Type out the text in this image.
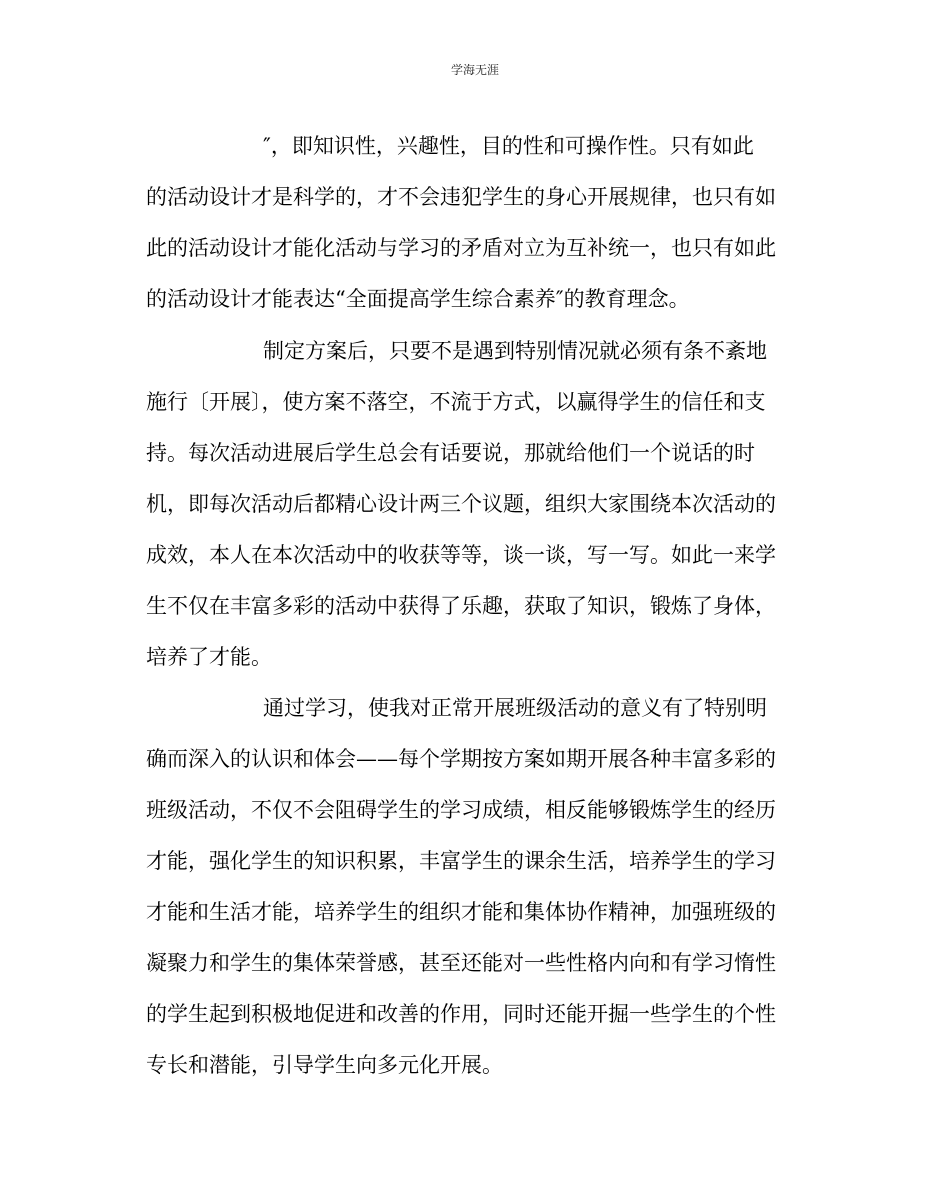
学海无涯
″，即知识性，兴趣性，目的性和可操作性。只有如此
的活动设计才是科学的，才不会违犯学生的身心开展规律，也只有如
此的活动设计才能化活动与学习的矛盾对立为互补统一，也只有如此
的活动设计才能表达“全面提高学生综合素养″的教育理念。
制定方案后，只要不是遇到特别情况就必须有条不紊地
施行〔开展〕，使方案不落空，不流于方式，以赢得学生的信任和支
持。每次活动进展后学生总会有话要说，那就给他们一个说话的时
机，即每次活动后都精心设计两三个议题，组织大家围绕本次活动的
成效，本人在本次活动中的收获等等，谈一谈，写一写。如此一来学
生不仅在丰富多彩的活动中获得了乐趣，获取了知识，锻炼了身体，
培养了才能。
通过学习，使我对正常开展班级活动的意义有了特别明
确而深入的认识和体会——每个学期按方案如期开展各种丰富多彩的
班级活动，不仅不会阻碍学生的学习成绩，相反能够锻炼学生的经历
才能，强化学生的知识积累，丰富学生的课余生活，培养学生的学习
才能和生活才能，培养学生的组织才能和集体协作精神，加强班级的
凝聚力和学生的集体荣誉感，甚至还能对一些性格内向和有学习惰性
的学生起到积极地促进和改善的作用，同时还能开掘一些学生的个性
专长和潜能，引导学生向多元化开展。
